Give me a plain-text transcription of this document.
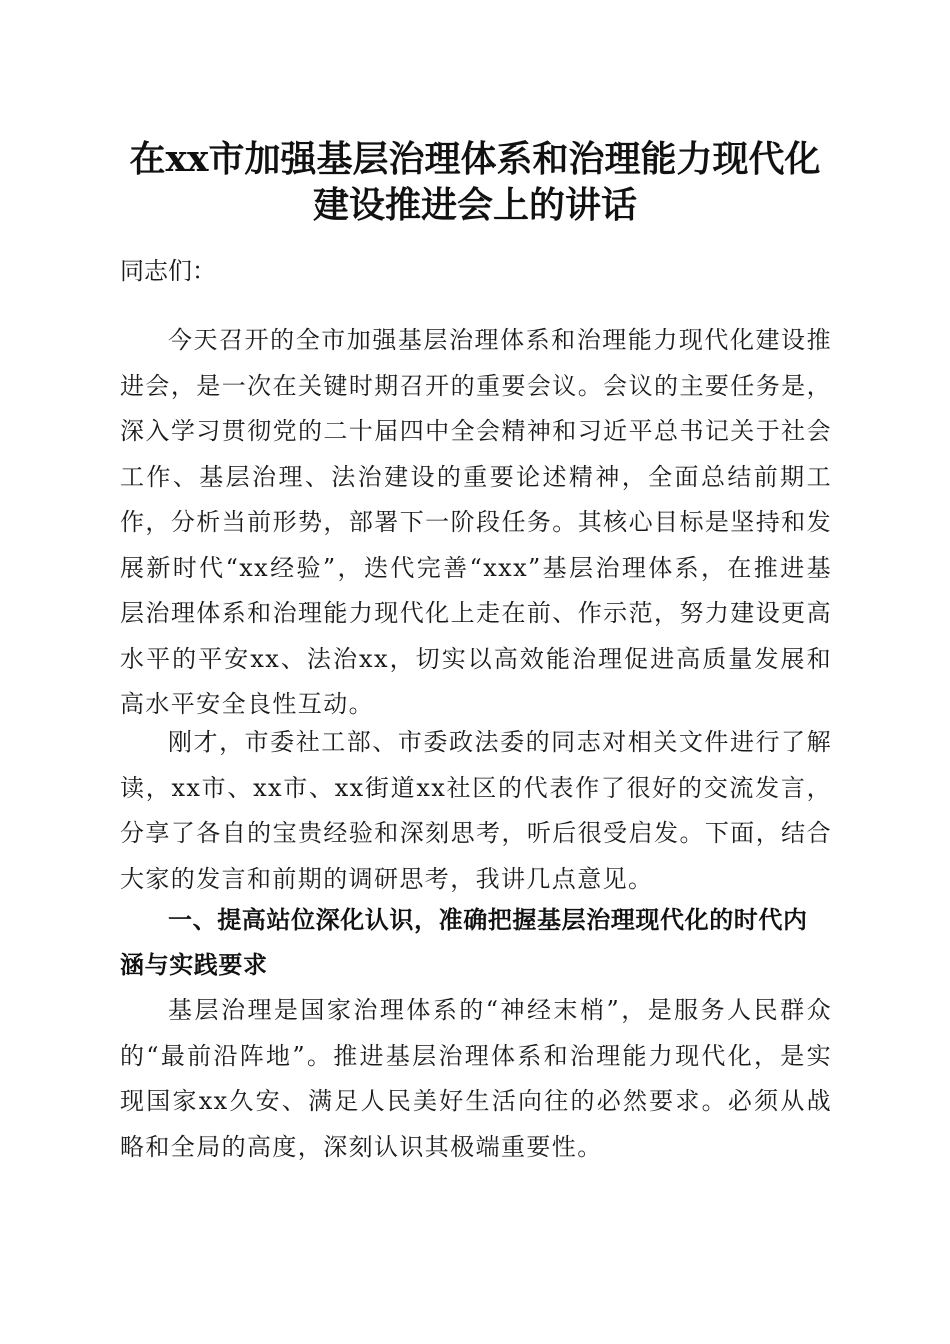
在xx市加强基层治理体系和治理能力现代化
建设推进会上的讲话

同志们：

今天召开的全市加强基层治理体系和治理能力现代化建设推进会，是一次在关键时期召开的重要会议。会议的主要任务是，深入学习贯彻党的二十届四中全会精神和习近平总书记关于社会工作、基层治理、法治建设的重要论述精神，全面总结前期工作，分析当前形势，部署下一阶段任务。其核心目标是坚持和发展新时代“xx经验”，迭代完善“xxx”基层治理体系，在推进基层治理体系和治理能力现代化上走在前、作示范，努力建设更高水平的平安xx、法治xx，切实以高效能治理促进高质量发展和高水平安全良性互动。

刚才，市委社工部、市委政法委的同志对相关文件进行了解读，xx市、xx市、xx街道xx社区的代表作了很好的交流发言，分享了各自的宝贵经验和深刻思考，听后很受启发。下面，结合大家的发言和前期的调研思考，我讲几点意见。

一、提高站位深化认识，准确把握基层治理现代化的时代内涵与实践要求

基层治理是国家治理体系的“神经末梢”，是服务人民群众的“最前沿阵地”。推进基层治理体系和治理能力现代化，是实现国家xx久安、满足人民美好生活向往的必然要求。必须从战略和全局的高度，深刻认识其极端重要性。
